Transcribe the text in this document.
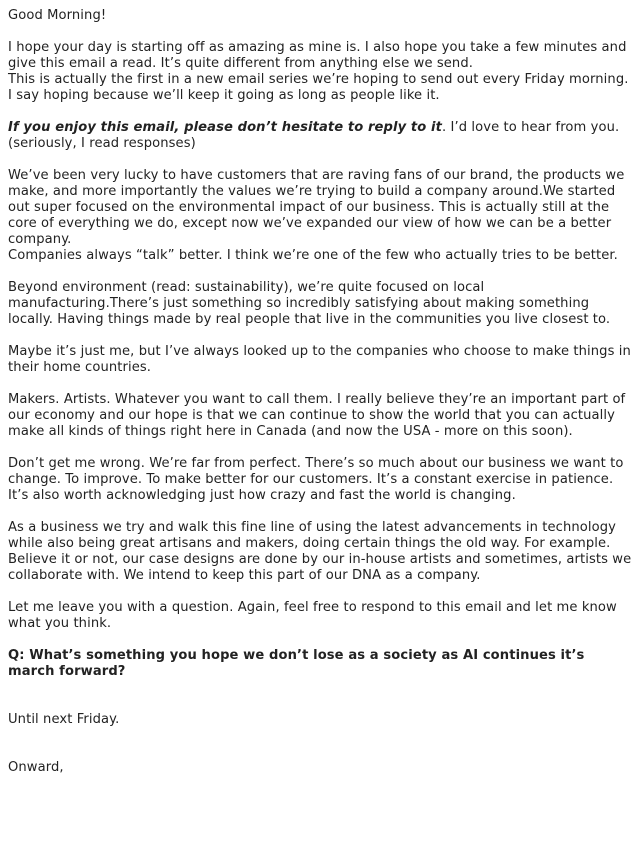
Good Morning!

I hope your day is starting off as amazing as mine is. I also hope you take a few minutes and give this email a read. It’s quite different from anything else we send.

This is actually the first in a new email series we’re hoping to send out every Friday morning. I say hoping because we’ll keep it going as long as people like it.

If you enjoy this email, please don’t hesitate to reply to it. I’d love to hear from you. (seriously, I read responses)

We’ve been very lucky to have customers that are raving fans of our brand, the products we make, and more importantly the values we’re trying to build a company around.We started out super focused on the environmental impact of our business. This is actually still at the core of everything we do, except now we’ve expanded our view of how we can be a better company.

Companies always “talk” better. I think we’re one of the few who actually tries to be better.

Beyond environment (read: sustainability), we’re quite focused on local manufacturing.There’s just something so incredibly satisfying about making something locally. Having things made by real people that live in the communities you live closest to.

Maybe it’s just me, but I’ve always looked up to the companies who choose to make things in their home countries.

Makers. Artists. Whatever you want to call them. I really believe they’re an important part of our economy and our hope is that we can continue to show the world that you can actually make all kinds of things right here in Canada (and now the USA - more on this soon).

Don’t get me wrong. We’re far from perfect. There’s so much about our business we want to change. To improve. To make better for our customers. It’s a constant exercise in patience.

It’s also worth acknowledging just how crazy and fast the world is changing.

As a business we try and walk this fine line of using the latest advancements in technology while also being great artisans and makers, doing certain things the old way. For example. Believe it or not, our case designs are done by our in-house artists and sometimes, artists we collaborate with. We intend to keep this part of our DNA as a company.

Let me leave you with a question. Again, feel free to respond to this email and let me know what you think.

Q: What’s something you hope we don’t lose as a society as AI continues it’s march forward?

Until next Friday.

Onward,
